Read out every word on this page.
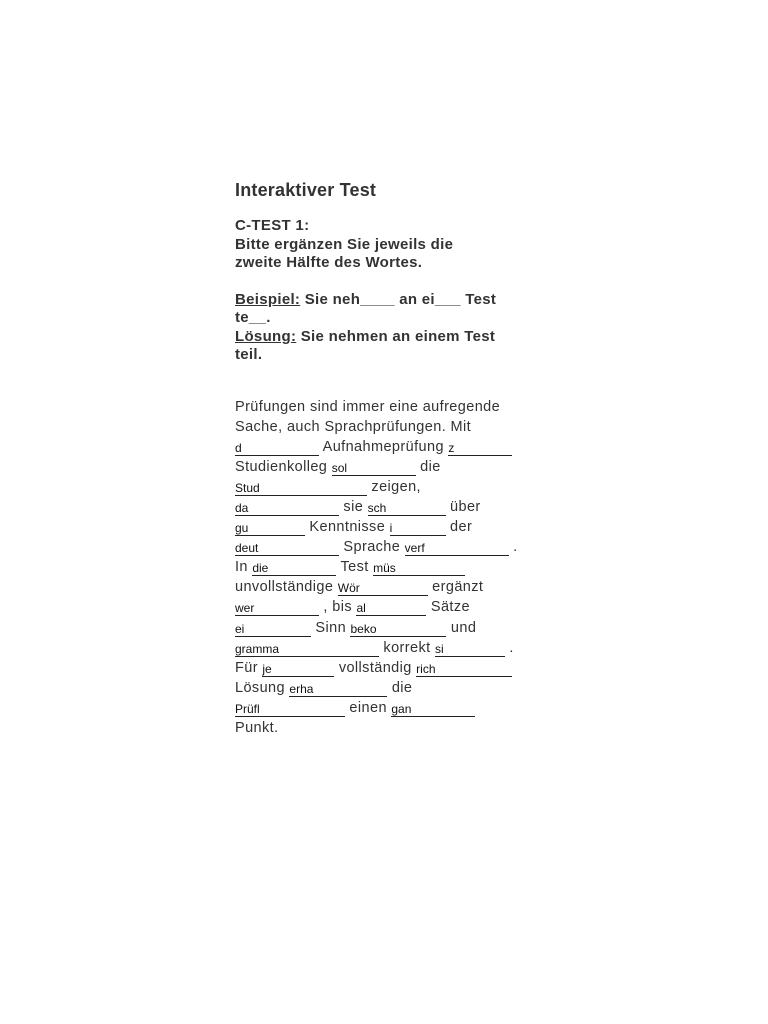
Interaktiver Test
C-TEST 1:
Bitte ergänzen Sie jeweils die
zweite Hälfte des Wortes.
Beispiel: Sie neh____ an ei___ Test
te__.
Lösung: Sie nehmen an einem Test
teil.
Prüfungen sind immer eine aufregende
Sache, auch Sprachprüfungen. Mit
d	Aufnahmeprüfung z
Studienkolleg sol	die
Stud	zeigen,
da	sie sch	über
gu	Kenntnisse i	der
deut	Sprache verf	.
In die	Test müs
unvollständige Wör	ergänzt
wer	, bis al	Sätze
ei	Sinn beko	und
gramma	korrekt si	.
Für je	vollständig rich
Lösung erha	die
Prüfl	einen gan
Punkt.
